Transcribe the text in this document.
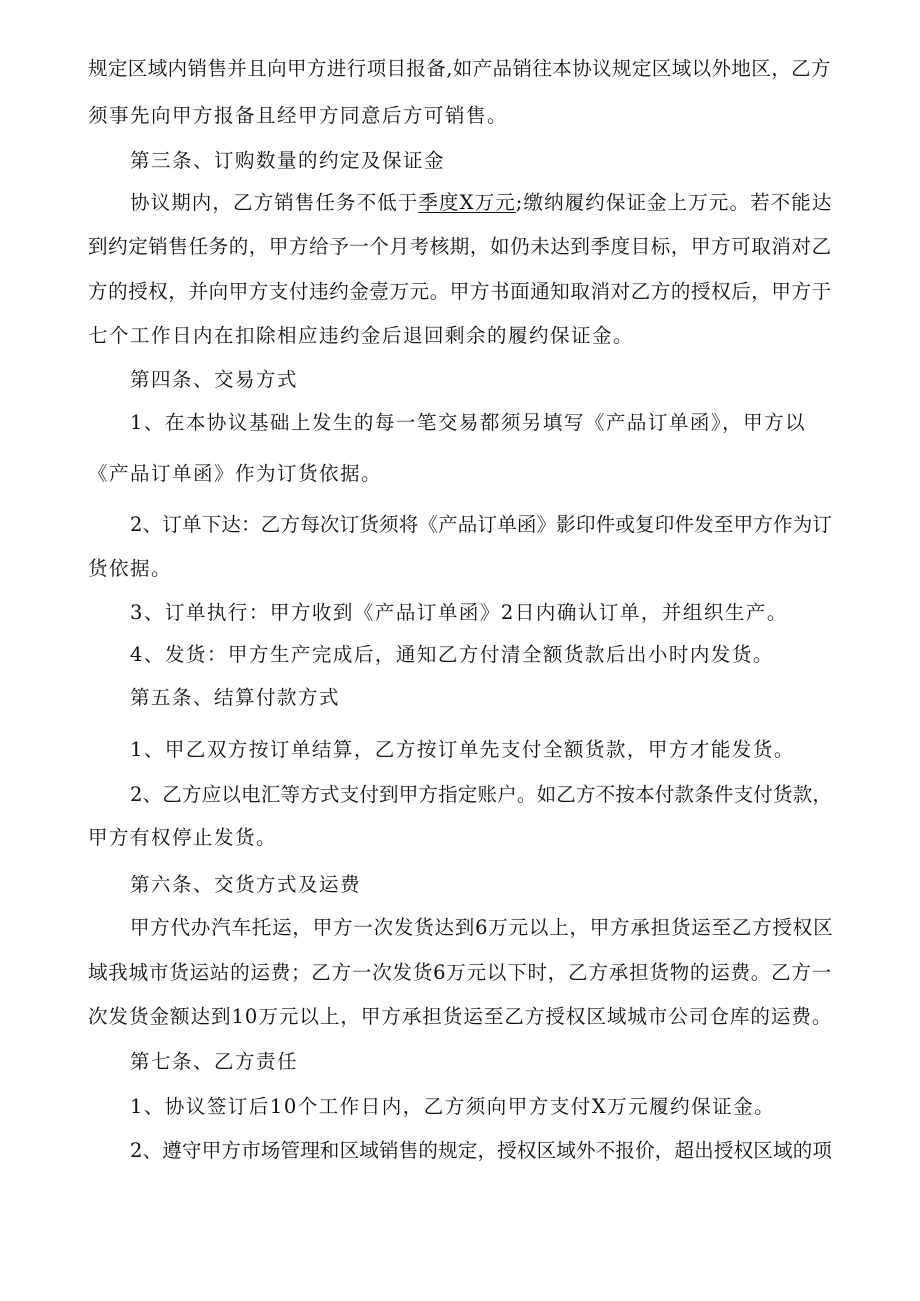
规定区域内销售并且向甲方进行项目报备,如产品销往本协议规定区域以外地区，乙方
须事先向甲方报备且经甲方同意后方可销售。
第三条、订购数量的约定及保证金
协议期内，乙方销售任务不低于季度X万元;缴纳履约保证金上万元。若不能达
到约定销售任务的，甲方给予一个月考核期，如仍未达到季度目标，甲方可取消对乙
方的授权，并向甲方支付违约金壹万元。甲方书面通知取消对乙方的授权后，甲方于
七个工作日内在扣除相应违约金后退回剩余的履约保证金。
第四条、交易方式
1、在本协议基础上发生的每一笔交易都须另填写《产品订单函》，甲方以
《产品订单函》作为订货依据。
2、订单下达：乙方每次订货须将《产品订单函》影印件或复印件发至甲方作为订
货依据。
3、订单执行：甲方收到《产品订单函》2日内确认订单，并组织生产。
4、发货：甲方生产完成后，通知乙方付清全额货款后出小时内发货。
第五条、结算付款方式
1、甲乙双方按订单结算，乙方按订单先支付全额货款，甲方才能发货。
2、乙方应以电汇等方式支付到甲方指定账户。如乙方不按本付款条件支付货款，
甲方有权停止发货。
第六条、交货方式及运费
甲方代办汽车托运，甲方一次发货达到6万元以上，甲方承担货运至乙方授权区
域我城市货运站的运费；乙方一次发货6万元以下时，乙方承担货物的运费。乙方一
次发货金额达到10万元以上，甲方承担货运至乙方授权区域城市公司仓库的运费。
第七条、乙方责任
1、协议签订后10个工作日内，乙方须向甲方支付X万元履约保证金。
2、遵守甲方市场管理和区域销售的规定，授权区域外不报价，超出授权区域的项
